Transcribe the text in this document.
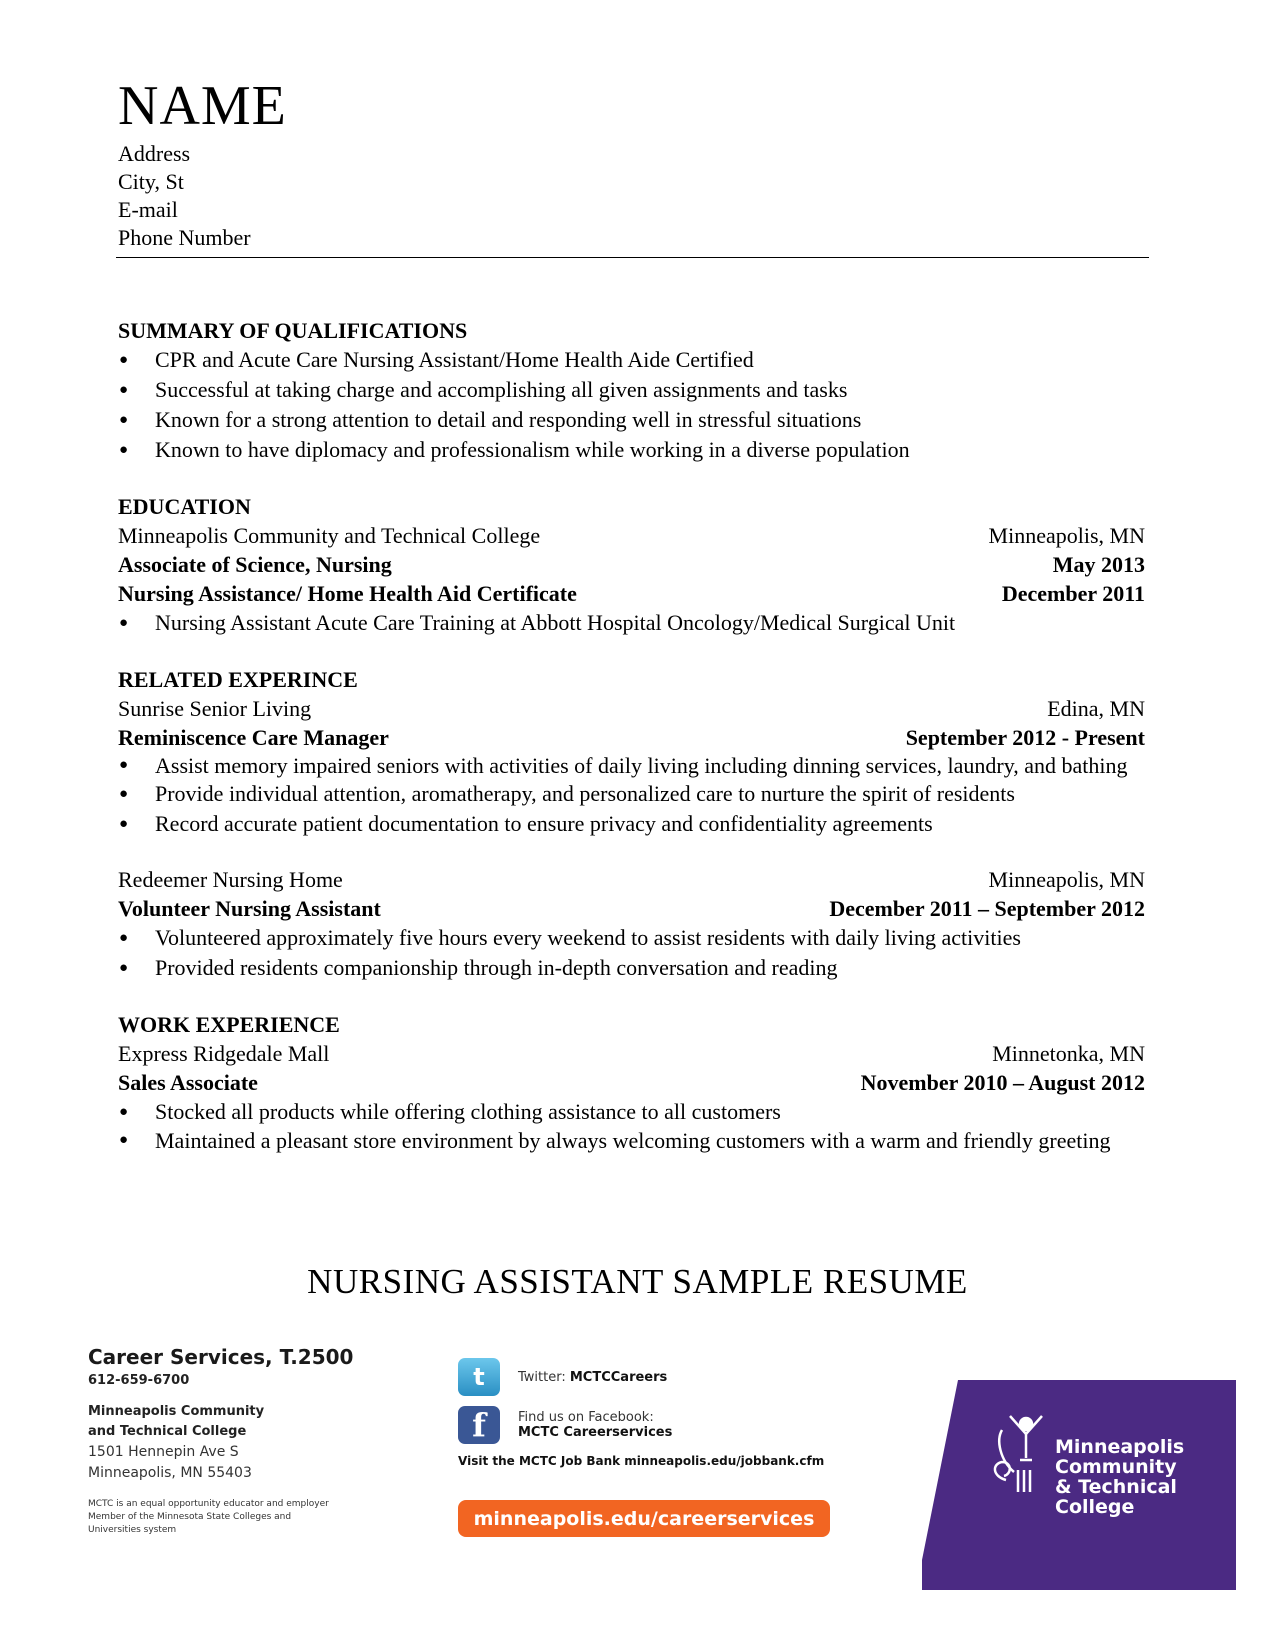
NAME
Address
City, St
E-mail
Phone Number
SUMMARY OF QUALIFICATIONS
● CPR and Acute Care Nursing Assistant/Home Health Aide Certified
● Successful at taking charge and accomplishing all given assignments and tasks
● Known for a strong attention to detail and responding well in stressful situations
● Known to have diplomacy and professionalism while working in a diverse population
EDUCATION
Minneapolis Community and Technical College	Minneapolis, MN
Associate of Science, Nursing	May 2013
Nursing Assistance/ Home Health Aid Certificate	December 2011
● Nursing Assistant Acute Care Training at Abbott Hospital Oncology/Medical Surgical Unit
RELATED EXPERINCE
Sunrise Senior Living	Edina, MN
Reminiscence Care Manager	September 2012 - Present
● Assist memory impaired seniors with activities of daily living including dinning services, laundry, and bathing
● Provide individual attention, aromatherapy, and personalized care to nurture the spirit of residents
● Record accurate patient documentation to ensure privacy and confidentiality agreements
Redeemer Nursing Home	Minneapolis, MN
Volunteer Nursing Assistant	December 2011 – September 2012
● Volunteered approximately five hours every weekend to assist residents with daily living activities
● Provided residents companionship through in-depth conversation and reading
WORK EXPERIENCE
Express Ridgedale Mall	Minnetonka, MN
Sales Associate	November 2010 – August 2012
● Stocked all products while offering clothing assistance to all customers
● Maintained a pleasant store environment by always welcoming customers with a warm and friendly greeting
NURSING ASSISTANT SAMPLE RESUME
Career Services, T.2500
612-659-6700
Minneapolis Community
and Technical College
1501 Hennepin Ave S
Minneapolis, MN 55403
MCTC is an equal opportunity educator and employer
Member of the Minnesota State Colleges and
Universities system
t	Twitter: MCTCCareers
f	Find us on Facebook:
MCTC Careerservices
Visit the MCTC Job Bank minneapolis.edu/jobbank.cfm
minneapolis.edu/careerservices
Minneapolis
Community
& Technical
College
